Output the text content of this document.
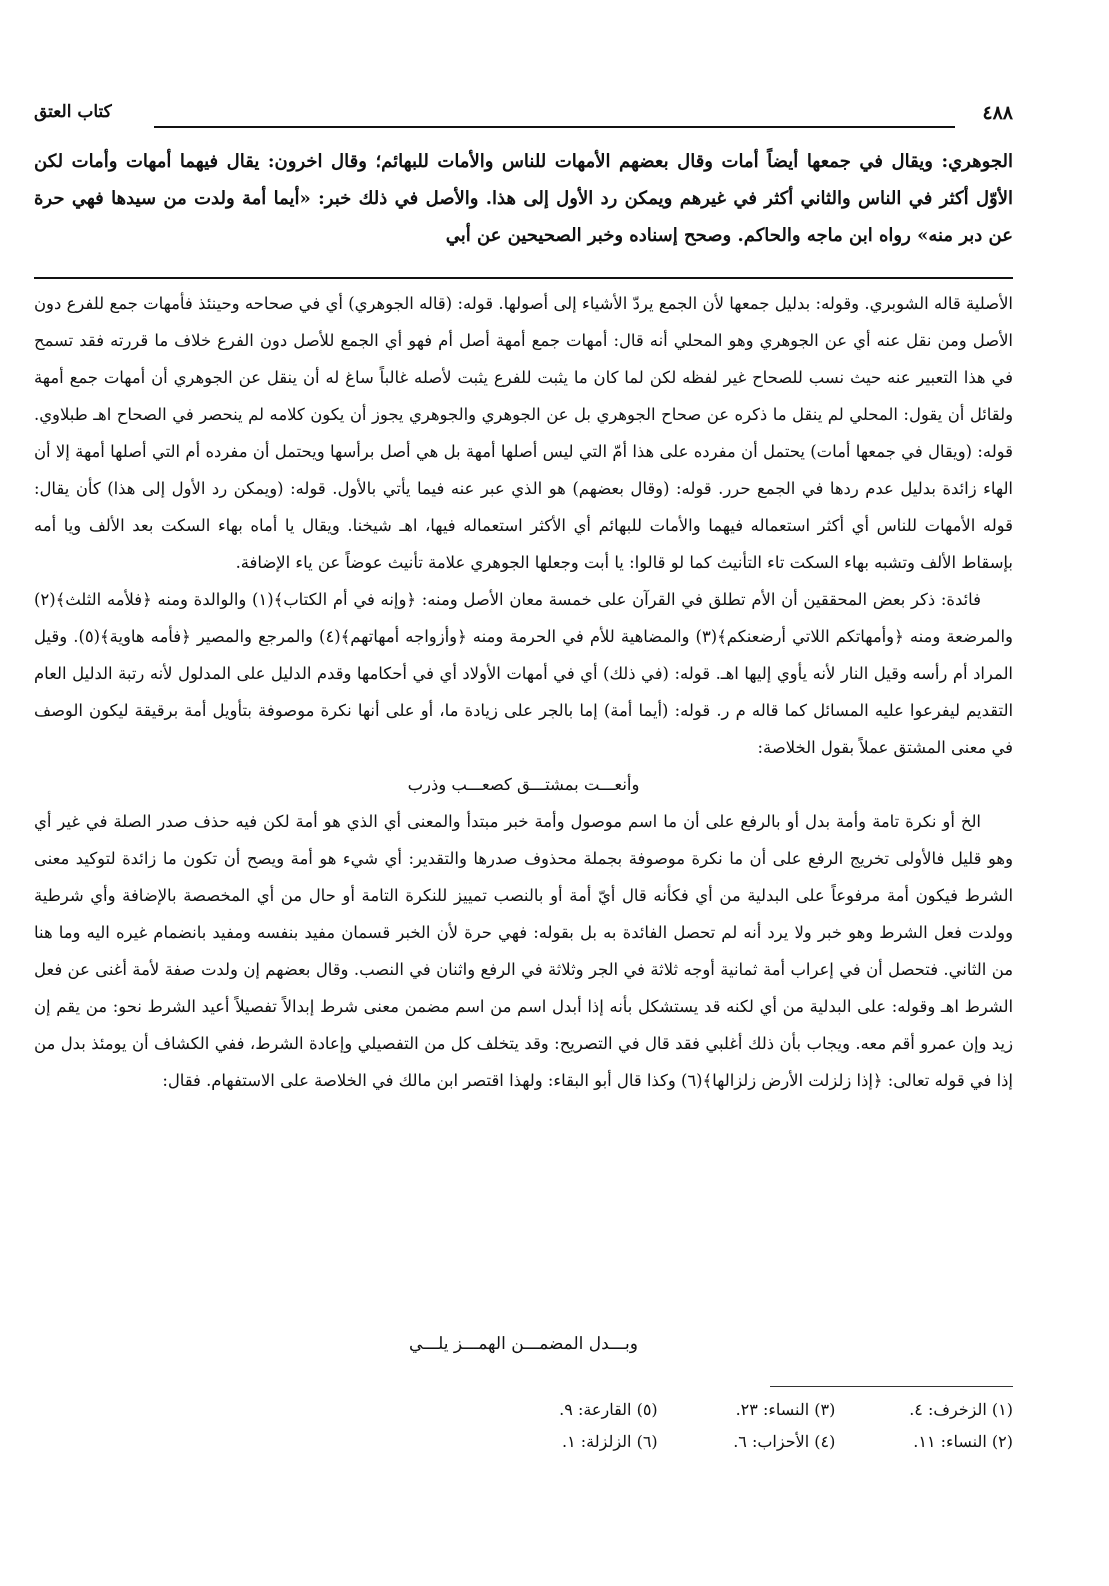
٤٨٨
كتاب العتق
الجوهري: ويقال في جمعها أيضاً أمات وقال بعضهم الأمهات للناس والأمات للبهائم؛ وقال اخرون: يقال فيهما أمهات وأمات لكن الأوّل أكثر في الناس والثاني أكثر في غيرهم ويمكن رد الأول إلى هذا. والأصل في ذلك خبر: «أيما أمة ولدت من سيدها فهي حرة عن دبر منه» رواه ابن ماجه والحاكم. وصحح إسناده وخبر الصحيحين عن أبي

الأصلية قاله الشوبري. وقوله: بدليل جمعها لأن الجمع يردّ الأشياء إلى أصولها. قوله: (قاله الجوهري) أي في صحاحه وحينئذ فأمهات جمع للفرع دون الأصل ومن نقل عنه أي عن الجوهري وهو المحلي أنه قال: أمهات جمع أمهة أصل أم فهو أي الجمع للأصل دون الفرع خلاف ما قررته فقد تسمح في هذا التعبير عنه حيث نسب للصحاح غير لفظه لكن لما كان ما يثبت للفرع يثبت لأصله غالباً ساغ له أن ينقل عن الجوهري أن أمهات جمع أمهة ولقائل أن يقول: المحلي لم ينقل ما ذكره عن صحاح الجوهري بل عن الجوهري والجوهري يجوز أن يكون كلامه لم ينحصر في الصحاح اهـ طبلاوي. قوله: (ويقال في جمعها أمات) يحتمل أن مفرده على هذا أمّ التي ليس أصلها أمهة بل هي أصل برأسها ويحتمل أن مفرده أم التي أصلها أمهة إلا أن الهاء زائدة بدليل عدم ردها في الجمع حرر. قوله: (وقال بعضهم) هو الذي عبر عنه فيما يأتي بالأول. قوله: (ويمكن رد الأول إلى هذا) كأن يقال: قوله الأمهات للناس أي أكثر استعماله فيهما والأمات للبهائم أي الأكثر استعماله فيها، اهـ شيخنا. ويقال يا أماه بهاء السكت بعد الألف ويا أمه بإسقاط الألف وتشبه بهاء السكت تاء التأنيث كما لو قالوا: يا أبت وجعلها الجوهري علامة تأنيث عوضاً عن ياء الإضافة.

فائدة: ذكر بعض المحققين أن الأم تطلق في القرآن على خمسة معان الأصل ومنه: ﴿وإنه في أم الكتاب﴾(١) والوالدة ومنه ﴿فلأمه الثلث﴾(٢) والمرضعة ومنه ﴿وأمهاتكم اللاتي أرضعنكم﴾(٣) والمضاهية للأم في الحرمة ومنه ﴿وأزواجه أمهاتهم﴾(٤) والمرجع والمصير ﴿فأمه هاوية﴾(٥). وقيل المراد أم رأسه وقيل النار لأنه يأوي إليها اهـ. قوله: (في ذلك) أي في أمهات الأولاد أي في أحكامها وقدم الدليل على المدلول لأنه رتبة الدليل العام التقديم ليفرعوا عليه المسائل كما قاله م ر. قوله: (أيما أمة) إما بالجر على زيادة ما، أو على أنها نكرة موصوفة بتأويل أمة برقيقة ليكون الوصف في معنى المشتق عملاً بقول الخلاصة:

وأنعـــت بمشتـــق كصعـــب وذرب

الخ أو نكرة تامة وأمة بدل أو بالرفع على أن ما اسم موصول وأمة خبر مبتدأ والمعنى أي الذي هو أمة لكن فيه حذف صدر الصلة في غير أي وهو قليل فالأولى تخريج الرفع على أن ما نكرة موصوفة بجملة محذوف صدرها والتقدير: أي شيء هو أمة ويصح أن تكون ما زائدة لتوكيد معنى الشرط فيكون أمة مرفوعاً على البدلية من أي فكأنه قال أيّ أمة أو بالنصب تمييز للنكرة التامة أو حال من أي المخصصة بالإضافة وأي شرطية وولدت فعل الشرط وهو خبر ولا يرد أنه لم تحصل الفائدة به بل بقوله: فهي حرة لأن الخبر قسمان مفيد بنفسه ومفيد بانضمام غيره اليه وما هنا من الثاني. فتحصل أن في إعراب أمة ثمانية أوجه ثلاثة في الجر وثلاثة في الرفع واثنان في النصب. وقال بعضهم إن ولدت صفة لأمة أغنى عن فعل الشرط اهـ وقوله: على البدلية من أي لكنه قد يستشكل بأنه إذا أبدل اسم من اسم مضمن معنى شرط إبدالاً تفصيلاً أعيد الشرط نحو: من يقم إن زيد وإن عمرو أقم معه. ويجاب بأن ذلك أغلبي فقد قال في التصريح: وقد يتخلف كل من التفصيلي وإعادة الشرط، ففي الكشاف أن يومئذ بدل من إذا في قوله تعالى: ﴿إذا زلزلت الأرض زلزالها﴾(٦) وكذا قال أبو البقاء: ولهذا اقتصر ابن مالك في الخلاصة على الاستفهام. فقال:

وبـــدل المضمـــن الهمـــز يلـــي
(١) الزخرف: ٤.
(٣) النساء: ٢٣.
(٥) القارعة: ٩.
(٢) النساء: ١١.
(٤) الأحزاب: ٦.
(٦) الزلزلة: ١.
